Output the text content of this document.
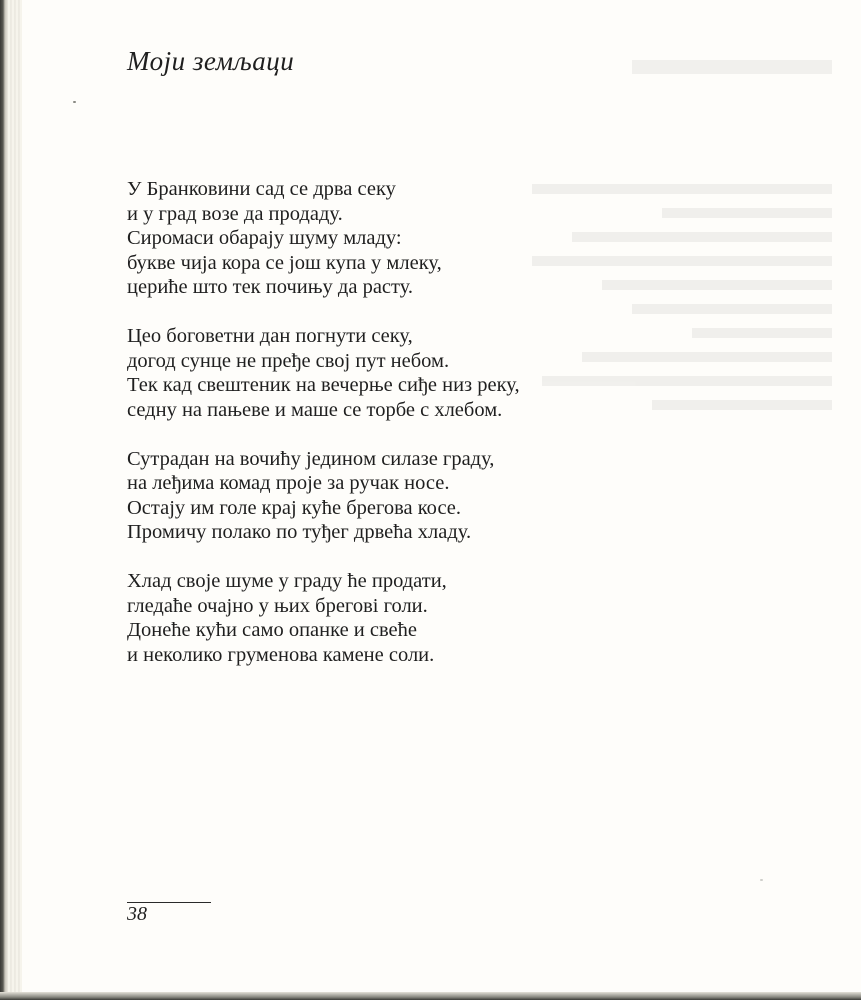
Моји земљаци
У Бранковини сад се дрва секу
и у град возе да продаду.
Сиромаси обарају шуму младу:
букве чија кора се још купа у млеку,
церићe што тек почињу да расту.
Цео боговетни дан погнути секу,
догод сунце не пређе свој пут небом.
Тек кад свештеник на вечерње сиђе низ реку,
седну на пањеве и маше се торбе с хлебом.
Сутрадан на вочићу јединoм силазе граду,
на леђима комад проје за ручак носе.
Остају им голе крај куће брегова косе.
Промичу полако по туђег дрвећа хладу.
Хлад своје шуме у граду ће продати,
гледаће очајно у њих бреговi голи.
Донеће кући само опанке и свеће
и неколико груменова камене соли.
38
